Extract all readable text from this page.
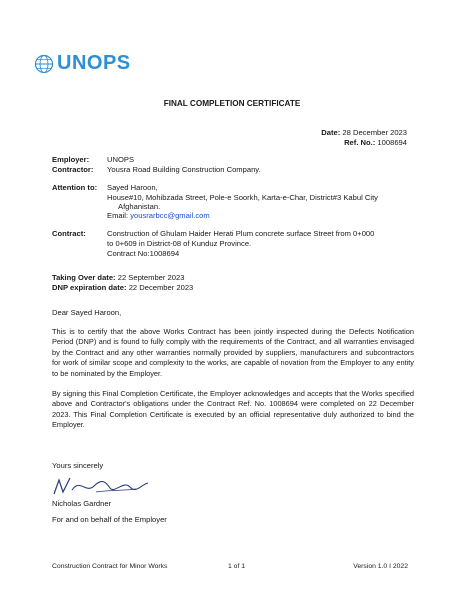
UNOPS
FINAL COMPLETION CERTIFICATE
Date: 28 December 2023
Ref. No.: 1008694
Employer: UNOPS
Contractor: Yousra Road Building Construction Company.
Attention to: Sayed Haroon,
House#10, Mohibzada Street, Pole-e Soorkh, Karta-e-Char, District#3 Kabul City
Afghanistan.
Email: yousrarbcc@gmail.com
Contract:	Construction of Ghulam Haider Herati Plum concrete surface Street from 0+000
to 0+609 in District-08 of Kunduz Province.
Contract No:1008694
Taking Over date: 22 September 2023
DNP expiration date: 22 December 2023
Dear Sayed Haroon,
This is to certify that the above Works Contract has been jointly inspected during the Defects Notification Period (DNP) and is found to fully comply with the requirements of the Contract, and all warranties envisaged by the Contract and any other warranties normally provided by suppliers, manufacturers and subcontractors for work of similar scope and complexity to the works, are capable of novation from the Employer to any entity to be nominated by the Employer.
By signing this Final Completion Certificate, the Employer acknowledges and accepts that the Works specified above and Contractor's obligations under the Contract Ref. No. 1008694 were completed on 22 December 2023. This Final Completion Certificate is executed by an official representative duly authorized to bind the Employer.
Yours sincerely
Nicholas Gardner
For and on behalf of the Employer
Construction Contract for Minor Works	1 of 1	Version 1.0 I 2022
